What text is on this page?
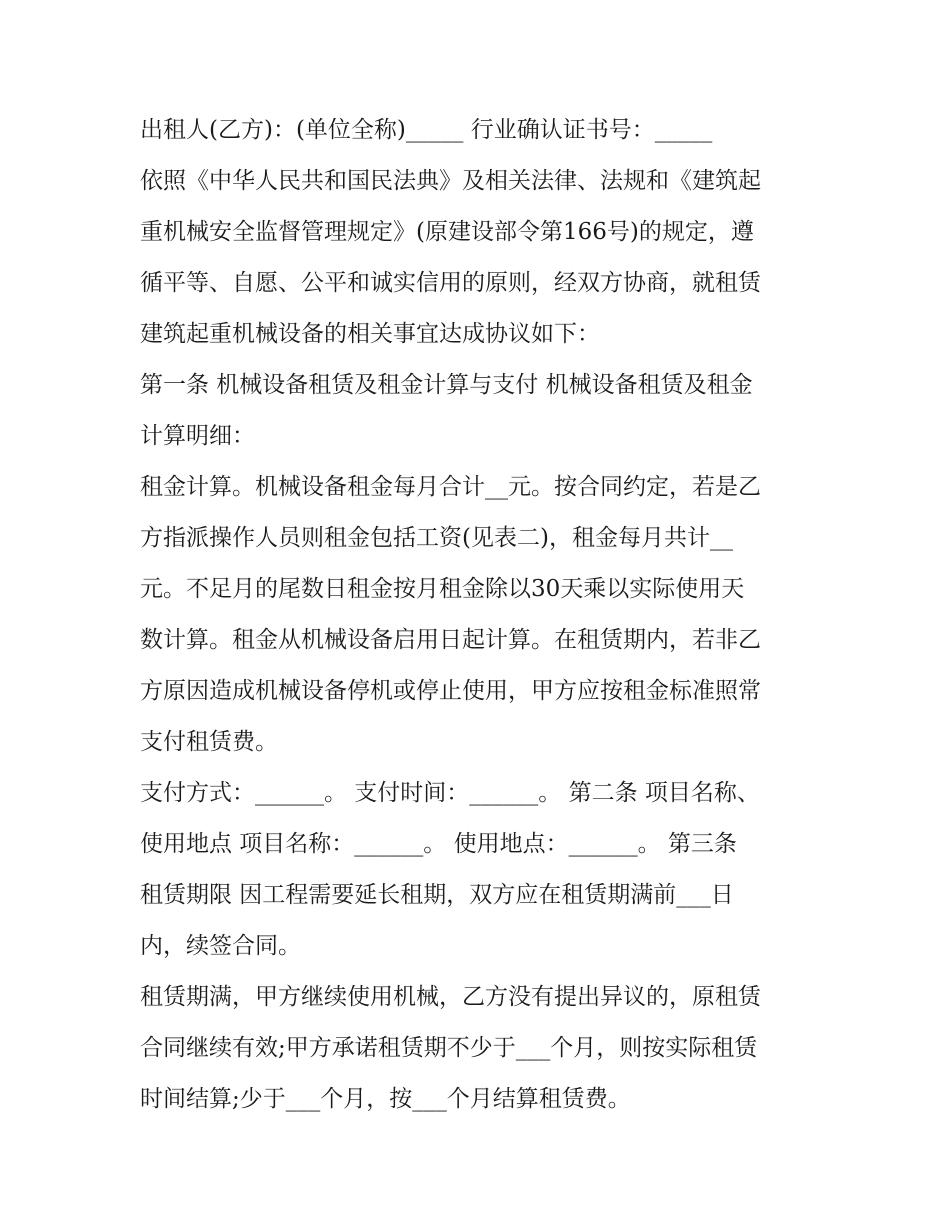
出租人(乙方)：(单位全称)_____ 行业确认证书号：_____

依照《中华人民共和国民法典》及相关法律、法规和《建筑起

重机械安全监督管理规定》(原建设部令第166号)的规定，遵

循平等、自愿、公平和诚实信用的原则，经双方协商，就租赁

建筑起重机械设备的相关事宜达成协议如下：

第一条 机械设备租赁及租金计算与支付 机械设备租赁及租金

计算明细：

租金计算。机械设备租金每月合计__元。按合同约定，若是乙

方指派操作人员则租金包括工资(见表二)，租金每月共计__

元。不足月的尾数日租金按月租金除以30天乘以实际使用天

数计算。租金从机械设备启用日起计算。在租赁期内，若非乙

方原因造成机械设备停机或停止使用，甲方应按租金标准照常

支付租赁费。

支付方式：______。 支付时间：______。 第二条 项目名称、

使用地点 项目名称：______。 使用地点：______。 第三条

租赁期限 因工程需要延长租期，双方应在租赁期满前___日

内，续签合同。

租赁期满，甲方继续使用机械，乙方没有提出异议的，原租赁

合同继续有效;甲方承诺租赁期不少于___个月，则按实际租赁

时间结算;少于___个月，按___个月结算租赁费。
